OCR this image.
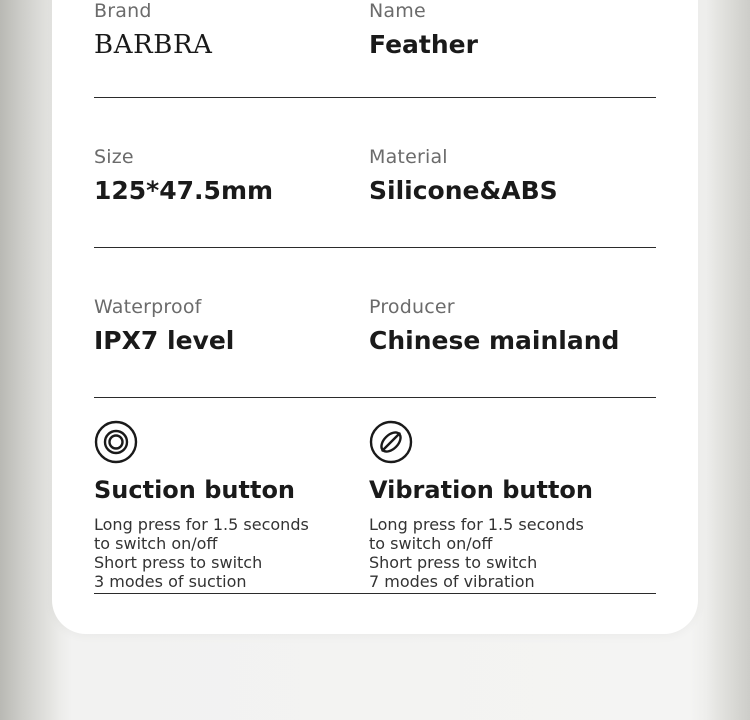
Brand
BARBRA
Name
Feather
Size
125*47.5mm
Material
Silicone&ABS
Waterproof
IPX7 level
Producer
Chinese mainland
Suction button
Long press for 1.5 seconds
to switch on/off
Short press to switch
3 modes of suction
Vibration button
Long press for 1.5 seconds
to switch on/off
Short press to switch
7 modes of vibration
